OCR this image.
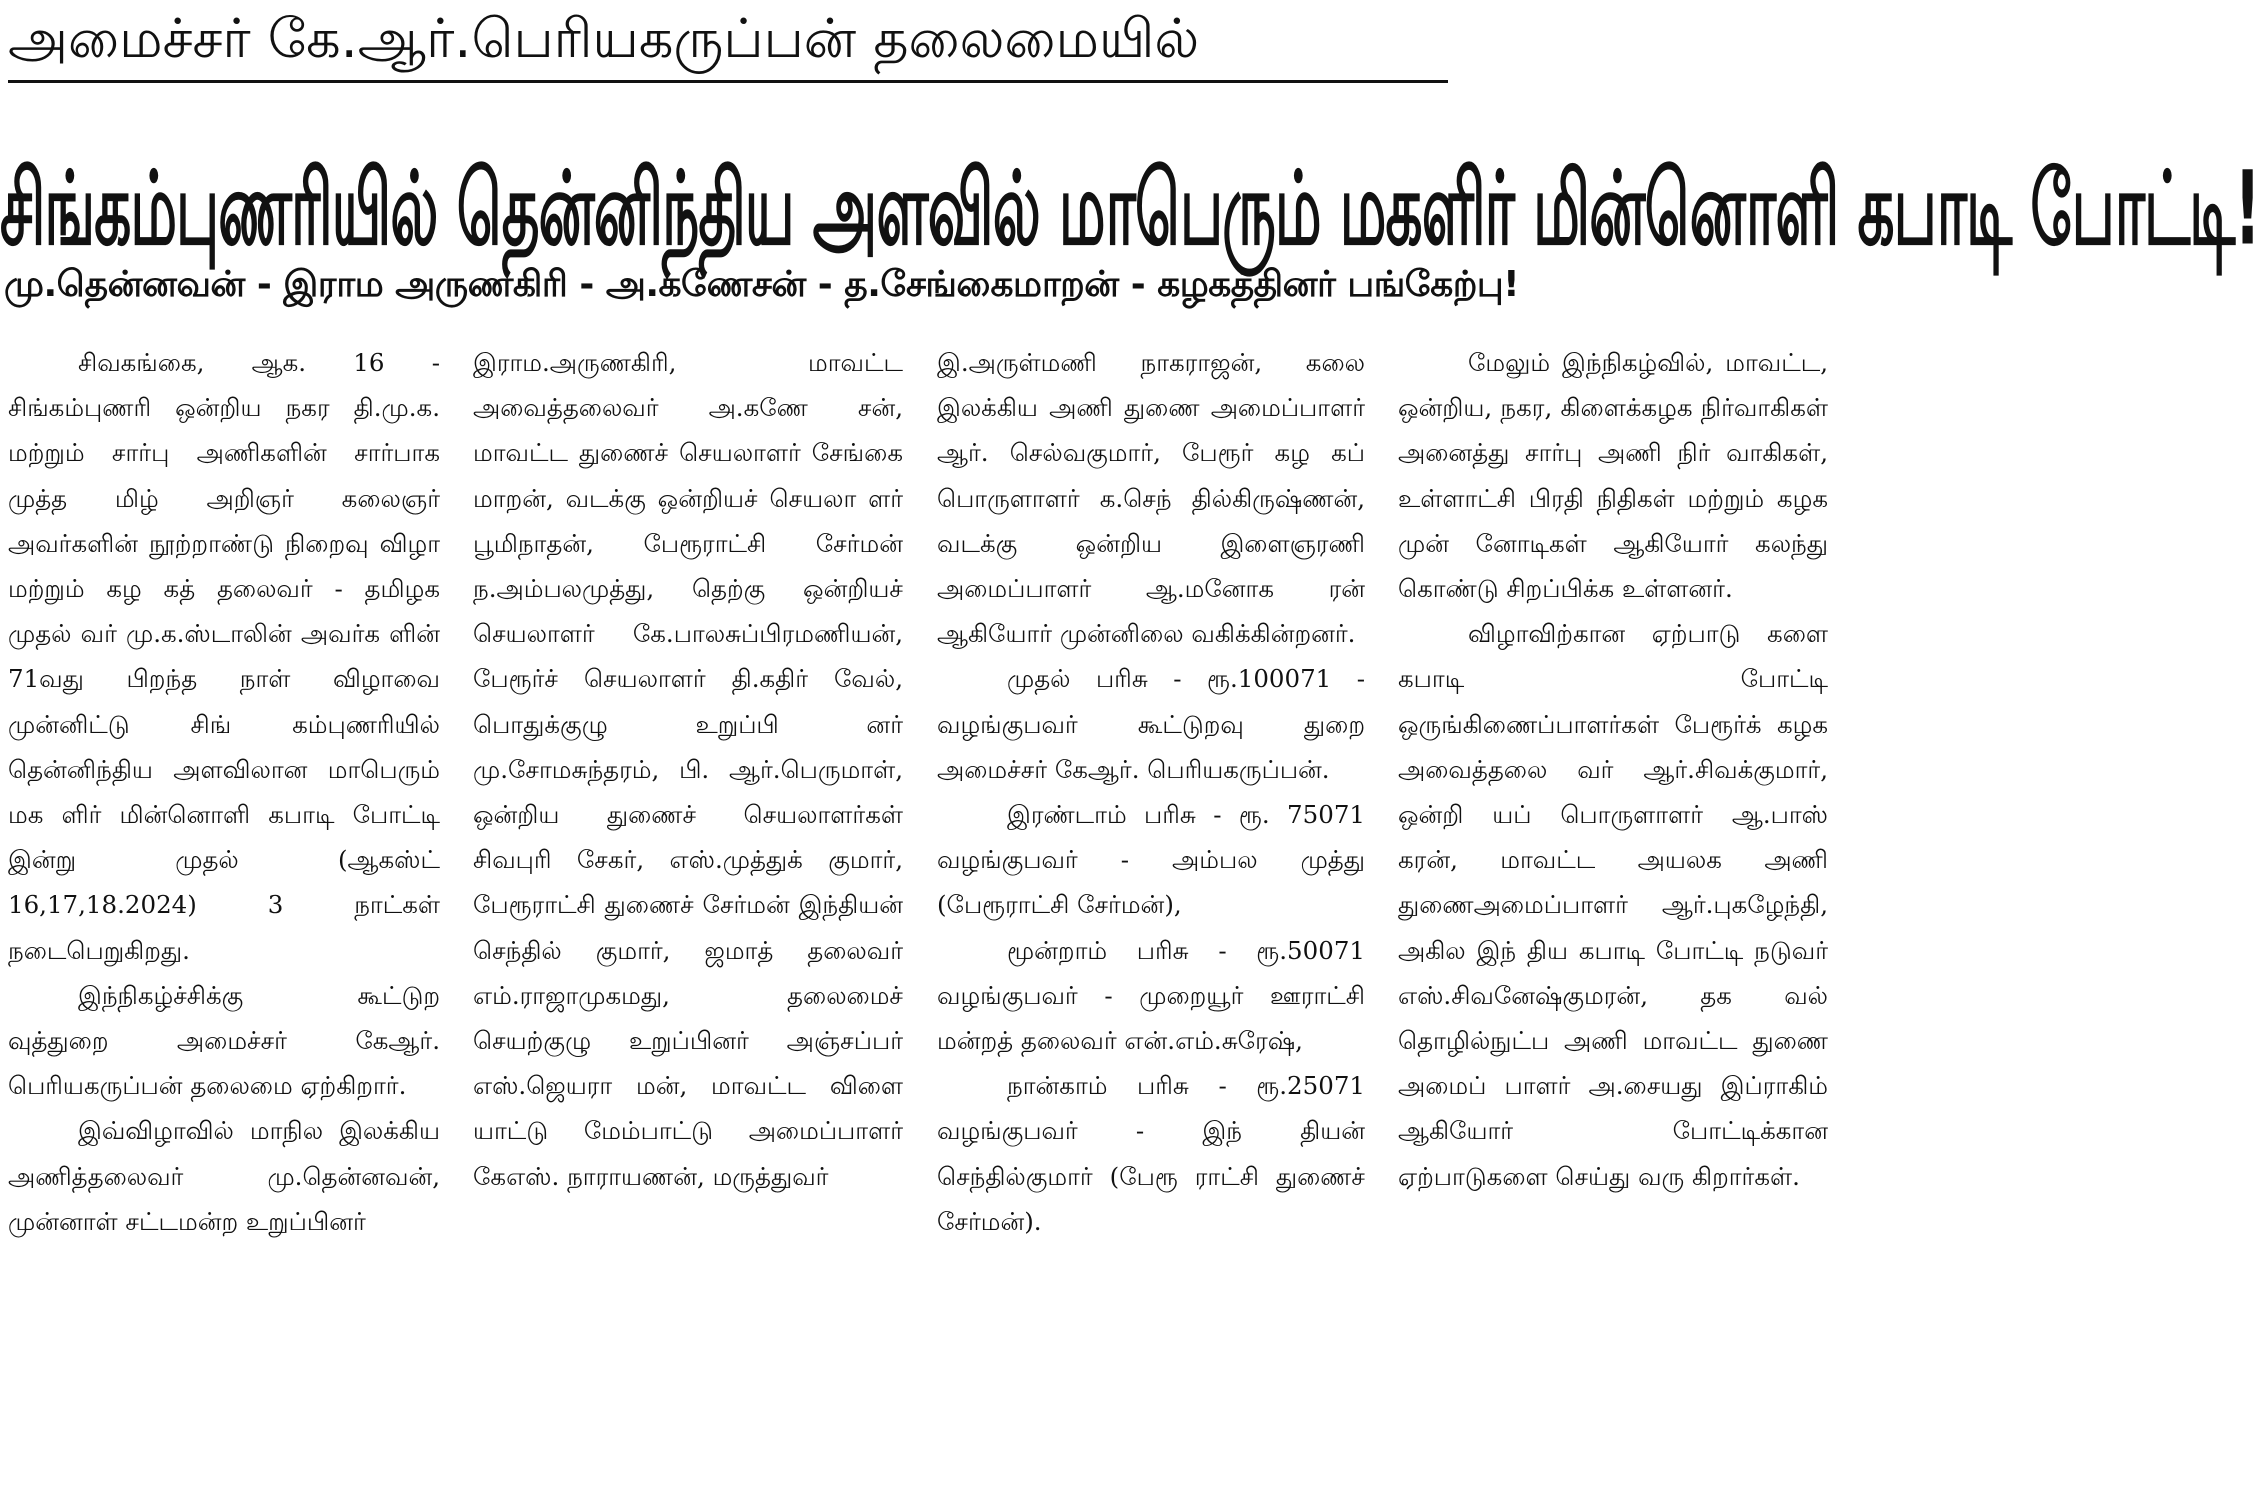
அமைச்சர் கே.ஆர்.பெரியகருப்பன் தலைமையில்
சிங்கம்புணரியில் தென்னிந்திய அளவில் மாபெரும் மகளிர் மின்னொளி கபாடி போட்டி!
மு.தென்னவன் - இராம அருணகிரி - அ.கணேசன் - த.சேங்கைமாறன் - கழகத்தினர் பங்கேற்பு!

சிவகங்கை, ஆக. 16 - சிங்கம்புணரி ஒன்றிய நகர தி.மு.க. மற்றும் சார்பு அணிகளின் சார்பாக முத்த மிழ் அறிஞர் கலைஞர் அவர்களின் நூற்றாண்டு நிறைவு விழா மற்றும் கழ கத் தலைவர் - தமிழக முதல் வர் மு.க.ஸ்டாலின் அவர்க ளின் 71வது பிறந்த நாள் விழாவை முன்னிட்டு சிங் கம்புணரியில் தென்னிந்திய அளவிலான மாபெரும் மக ளிர் மின்னொளி கபாடி போட்டி இன்று முதல் (ஆகஸ்ட் 16,17,18.2024) 3 நாட்கள் நடைபெறுகிறது.

இந்நிகழ்ச்சிக்கு கூட்டுற வுத்துறை அமைச்சர் கேஆர். பெரியகருப்பன் தலைமை ஏற்கிறார்.

இவ்விழாவில் மாநில இலக்கிய அணித்தலைவர் மு.தென்னவன், முன்னாள் சட்டமன்ற உறுப்பினர்

இராம.அருணகிரி, மாவட்ட அவைத்தலைவர் அ.கணே சன், மாவட்ட துணைச் செயலாளர் சேங்கை மாறன், வடக்கு ஒன்றியச் செயலா ளர் பூமிநாதன், பேரூராட்சி சேர்மன் ந.அம்பலமுத்து, தெற்கு ஒன்றியச் செயலாளர் கே.பாலசுப்பிரமணியன், பேரூர்ச் செயலாளர் தி.கதிர் வேல், பொதுக்குழு உறுப்பி னர் மு.சோமசுந்தரம், பி. ஆர்.பெருமாள், ஒன்றிய துணைச் செயலாளர்கள் சிவபுரி சேகர், எஸ்.முத்துக் குமார், பேரூராட்சி துணைச் சேர்மன் இந்தியன் செந்தில் குமார், ஜமாத் தலைவர் எம்.ராஜாமுகமது, தலைமைச் செயற்குழு உறுப்பினர் அஞ்சப்பர் எஸ்.ஜெயரா மன், மாவட்ட விளை யாட்டு மேம்பாட்டு அமைப்பாளர் கேஎஸ். நாராயணன், மருத்துவர்

இ.அருள்மணி நாகராஜன், கலை இலக்கிய அணி துணை அமைப்பாளர் ஆர். செல்வகுமார், பேரூர் கழ கப் பொருளாளர் க.செந் தில்கிருஷ்ணன், வடக்கு ஒன்றிய இளைஞரணி அமைப்பாளர் ஆ.மனோக ரன் ஆகியோர் முன்னிலை வகிக்கின்றனர்.

முதல் பரிசு - ரூ.100071 - வழங்குபவர் கூட்டுறவு துறை அமைச்சர் கேஆர். பெரியகருப்பன்.

இரண்டாம் பரிசு - ரூ. 75071 வழங்குபவர் - அம்பல முத்து (பேரூராட்சி சேர்மன்),

மூன்றாம் பரிசு - ரூ.50071 வழங்குபவர் - முறையூர் ஊராட்சி மன்றத் தலைவர் என்.எம்.சுரேஷ்,

நான்காம் பரிசு - ரூ.25071 வழங்குபவர் - இந் தியன் செந்தில்குமார் (பேரூ ராட்சி துணைச் சேர்மன்).

மேலும் இந்நிகழ்வில், மாவட்ட, ஒன்றிய, நகர, கிளைக்கழக நிர்வாகிகள் அனைத்து சார்பு அணி நிர் வாகிகள், உள்ளாட்சி பிரதி நிதிகள் மற்றும் கழக முன் னோடிகள் ஆகியோர் கலந்து கொண்டு சிறப்பிக்க உள்ளனர்.

விழாவிற்கான ஏற்பாடு களை கபாடி போட்டி ஒருங்கிணைப்பாளர்கள் பேரூர்க் கழக அவைத்தலை வர் ஆர்.சிவக்குமார், ஒன்றி யப் பொருளாளர் ஆ.பாஸ் கரன், மாவட்ட அயலக அணி துணைஅமைப்பாளர் ஆர்.புகழேந்தி, அகில இந் திய கபாடி போட்டி நடுவர் எஸ்.சிவனேஷ்குமரன், தக வல் தொழில்நுட்ப அணி மாவட்ட துணை அமைப் பாளர் அ.சையது இப்ராகிம் ஆகியோர் போட்டிக்கான ஏற்பாடுகளை செய்து வரு கிறார்கள்.
